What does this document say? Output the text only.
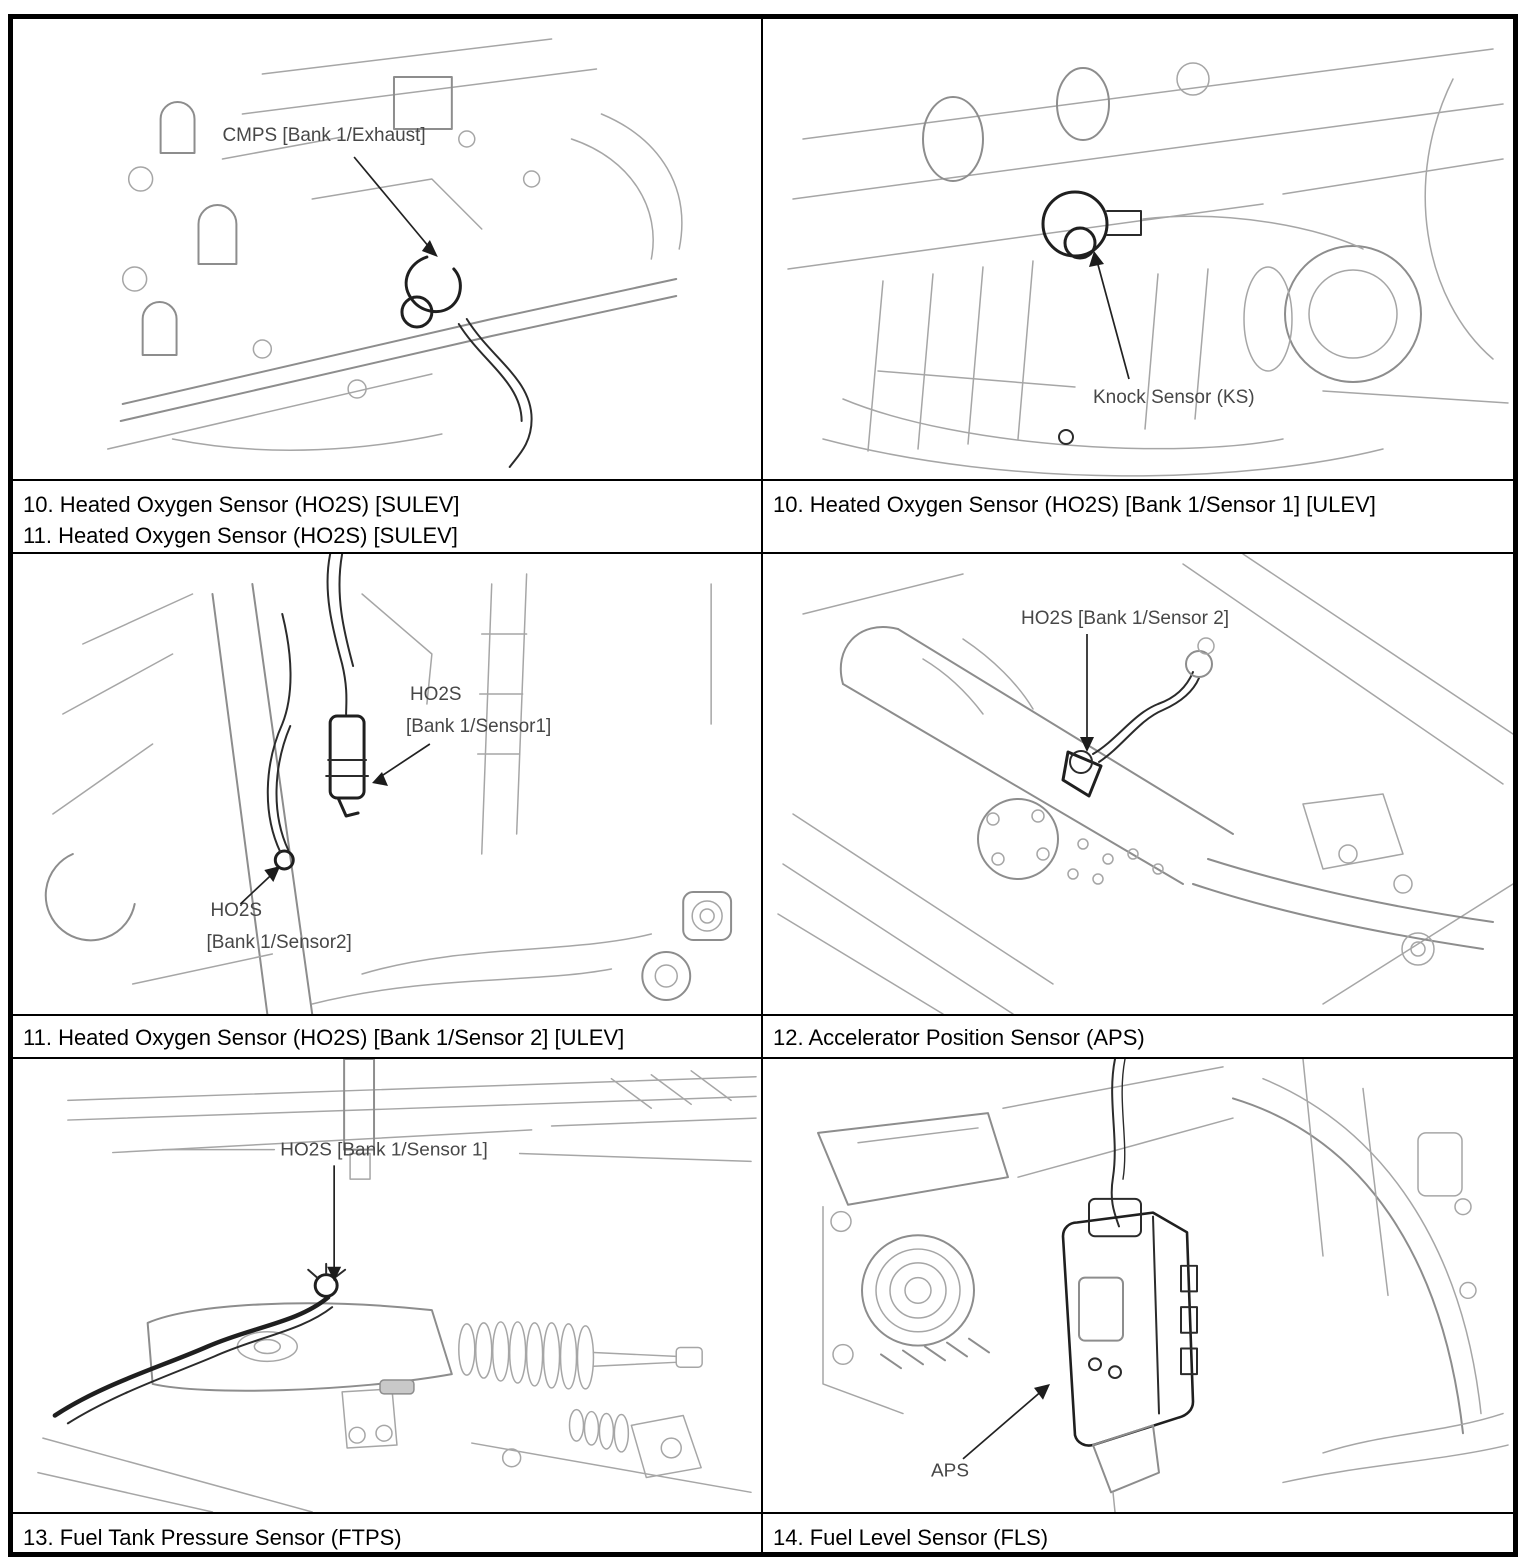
CMPS [Bank 1/Exhaust]
Knock Sensor (KS)
10. Heated Oxygen Sensor (HO2S) [SULEV]
11. Heated Oxygen Sensor (HO2S) [SULEV]
10. Heated Oxygen Sensor (HO2S) [Bank 1/Sensor 1] [ULEV]
HO2S
[Bank 1/Sensor1]
HO2S
[Bank 1/Sensor2]
HO2S [Bank 1/Sensor 2]
11. Heated Oxygen Sensor (HO2S) [Bank 1/Sensor 2] [ULEV]	12. Accelerator Position Sensor (APS)
HO2S [Bank 1/Sensor 1]
APS
13. Fuel Tank Pressure Sensor (FTPS)	14. Fuel Level Sensor (FLS)
